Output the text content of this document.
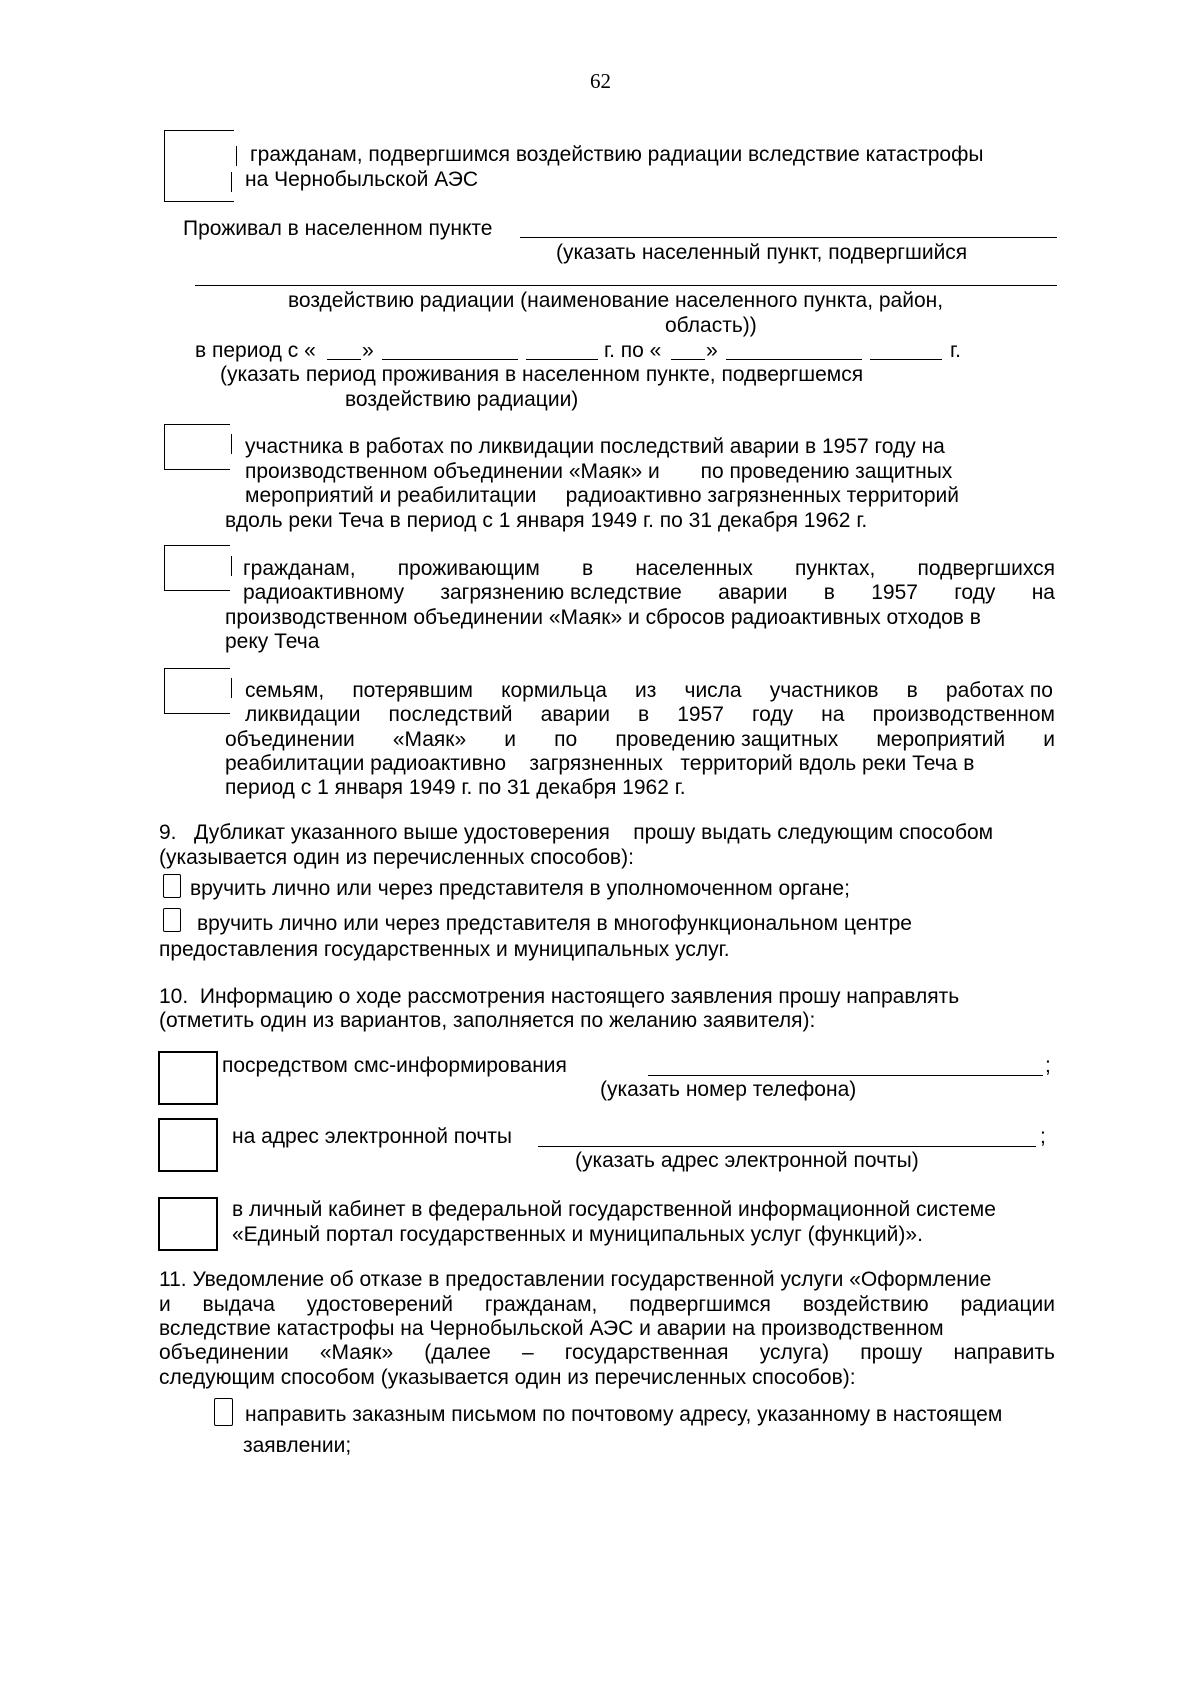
62
гражданам, подвергшимся воздействию радиации вследствие катастрофы
на Чернобыльской АЭС
Проживал в населенном пункте
(указать населенный пункт, подвергшийся
воздействию радиации (наименование населенного пункта, район,
область))
в период с « »	г. по « »	г.
(указать период проживания в населенном пункте, подвергшемся
воздействию радиации)
участника в работах по ликвидации последствий аварии в 1957 году на
производственном объединении «Маяк» и       по проведению защитных
мероприятий и реабилитации     радиоактивно загрязненных территорий
вдоль реки Теча в период с 1 января 1949 г. по 31 декабря 1962 г.
гражданам, проживающим в населенных пунктах, подвергшихся
радиоактивному загрязнению вследствие аварии в 1957 году на
производственном объединении «Маяк» и сбросов радиоактивных отходов в
реку Теча
семьям, потерявшим кормильца из числа участников в работах по
ликвидации последствий аварии в 1957 году на производственном
объединении «Маяк» и по проведению защитных мероприятий и
реабилитации радиоактивно    загрязненных   территорий вдоль реки Теча в
период с 1 января 1949 г. по 31 декабря 1962 г.
9.   Дубликат указанного выше удостоверения    прошу выдать следующим способом
(указывается один из перечисленных способов):
вручить лично или через представителя в уполномоченном органе;
вручить лично или через представителя в многофункциональном центре
предоставления государственных и муниципальных услуг.
10.  Информацию о ходе рассмотрения настоящего заявления прошу направлять
(отметить один из вариантов, заполняется по желанию заявителя):
посредством смс-информирования	;
(указать номер телефона)
на адрес электронной почты	;
(указать адрес электронной почты)
в личный кабинет в федеральной государственной информационной системе
«Единый портал государственных и муниципальных услуг (функций)».
11. Уведомление об отказе в предоставлении государственной услуги «Оформление
и выдача удостоверений гражданам, подвергшимся воздействию радиации
вследствие катастрофы на Чернобыльской АЭС и аварии на производственном
объединении «Маяк» (далее – государственная услуга) прошу направить
следующим способом (указывается один из перечисленных способов):
направить заказным письмом по почтовому адресу, указанному в настоящем
заявлении;
